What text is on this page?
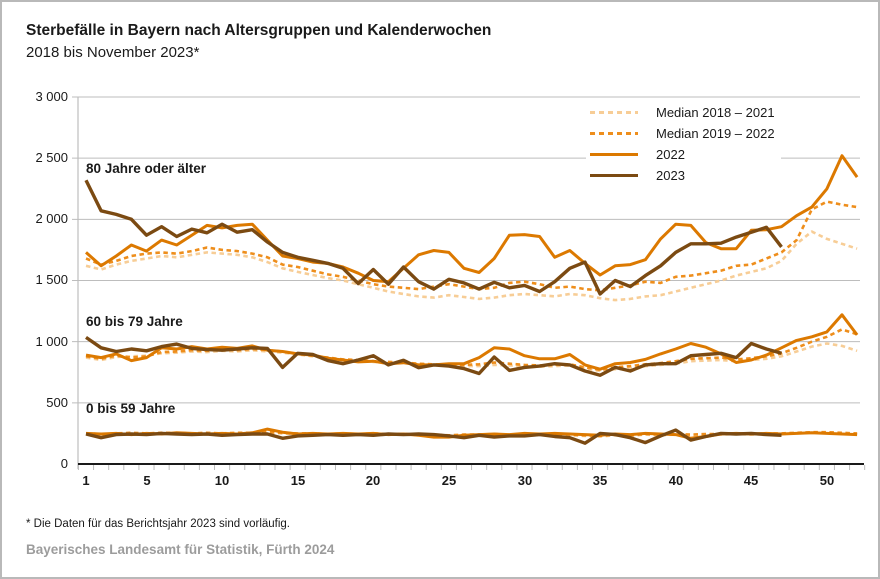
Sterbefälle in Bayern nach Altersgruppen und Kalenderwochen
2018 bis November 2023*
3 000
2 500
2 000
1 500
1 000
500
0
1	5	10	15	20	25	30	35	40	45	50
80 Jahre oder älter
60 bis 79 Jahre
0 bis 59 Jahre
Median 2018 – 2021
Median 2019 – 2022
2022
2023
* Die Daten für das Berichtsjahr 2023 sind vorläufig.
Bayerisches Landesamt für Statistik, Fürth 2024
